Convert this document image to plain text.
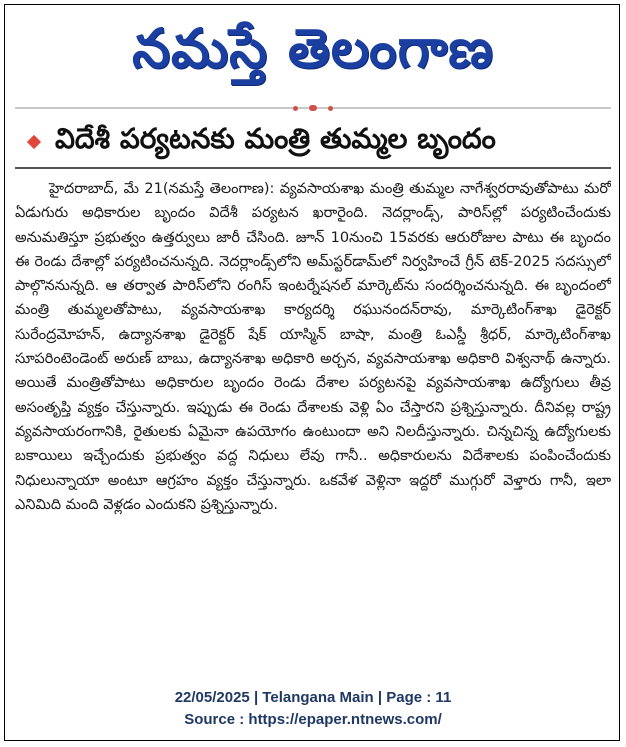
నమస్తే తెలంగాణ
విదేశీ పర్యటనకు మంత్రి తుమ్మల బృందం

హైదరాబాద్, మే 21(నమస్తే తెలంగాణ): వ్యవసాయశాఖ మంత్రి తుమ్మల నాగేశ్వరరావుతోపాటు మరో ఏడుగురు అధికారుల బృందం విదేశీ పర్యటన ఖరారైంది. నెదర్లాండ్స్, పారిస్‌ల్లో పర్యటించేందుకు అనుమతిస్తూ ప్రభుత్వం ఉత్తర్వులు జారీ చేసింది. జూన్ 10నుంచి 15వరకు ఆరురోజుల పాటు ఈ బృందం ఈ రెండు దేశాల్లో పర్యటించనున్నది. నెదర్లాండ్స్‌లోని అమ్‌స్టర్‌డామ్‌లో నిర్వహించే గ్రీన్ టెక్-2025 సదస్సులో పాల్గొననున్నది. ఆ తర్వాత పారిస్‌లోని రంగిస్ ఇంటర్నేషనల్ మార్కెట్‌ను సందర్శించనున్నది. ఈ బృందంలో మంత్రి తుమ్మలతోపాటు, వ్యవసాయశాఖ కార్యదర్శి రఘునందన్‌రావు, మార్కెటింగ్‌శాఖ డైరెక్టర్ సురేంద్రమోహన్, ఉద్యానశాఖ డైరెక్టర్ షేక్ యాస్మిన్ బాషా, మంత్రి ఓఎస్డీ శ్రీధర్, మార్కెటింగ్‌శాఖ సూపరింటెండెంట్ అరుణ్ బాబు, ఉద్యానశాఖ అధికారి అర్చన, వ్యవసాయశాఖ అధికారి విశ్వనాథ్ ఉన్నారు. అయితే మంత్రితోపాటు అధికారుల బృందం రెండు దేశాల పర్యటనపై వ్యవసాయశాఖ ఉద్యోగులు తీవ్ర అసంతృప్తి వ్యక్తం చేస్తున్నారు. ఇప్పుడు ఈ రెండు దేశాలకు వెళ్లి ఏం చేస్తారని ప్రశ్నిస్తున్నారు. దీనివల్ల రాష్ట్ర వ్యవసాయరంగానికి, రైతులకు ఏమైనా ఉపయోగం ఉంటుందా అని నిలదీస్తున్నారు. చిన్నచిన్న ఉద్యోగులకు బకాయిలు ఇచ్చేందుకు ప్రభుత్వం వద్ద నిధులు లేవు గానీ.. అధికారులను విదేశాలకు పంపించేందుకు నిధులున్నాయా అంటూ ఆగ్రహం వ్యక్తం చేస్తున్నారు. ఒకవేళ వెళ్లినా ఇద్దరో ముగ్గురో వెళ్తారు గానీ, ఇలా ఎనిమిది మంది వెళ్లడం ఎందుకని ప్రశ్నిస్తున్నారు.

22/05/2025 | Telangana Main | Page : 11
Source : https://epaper.ntnews.com/
